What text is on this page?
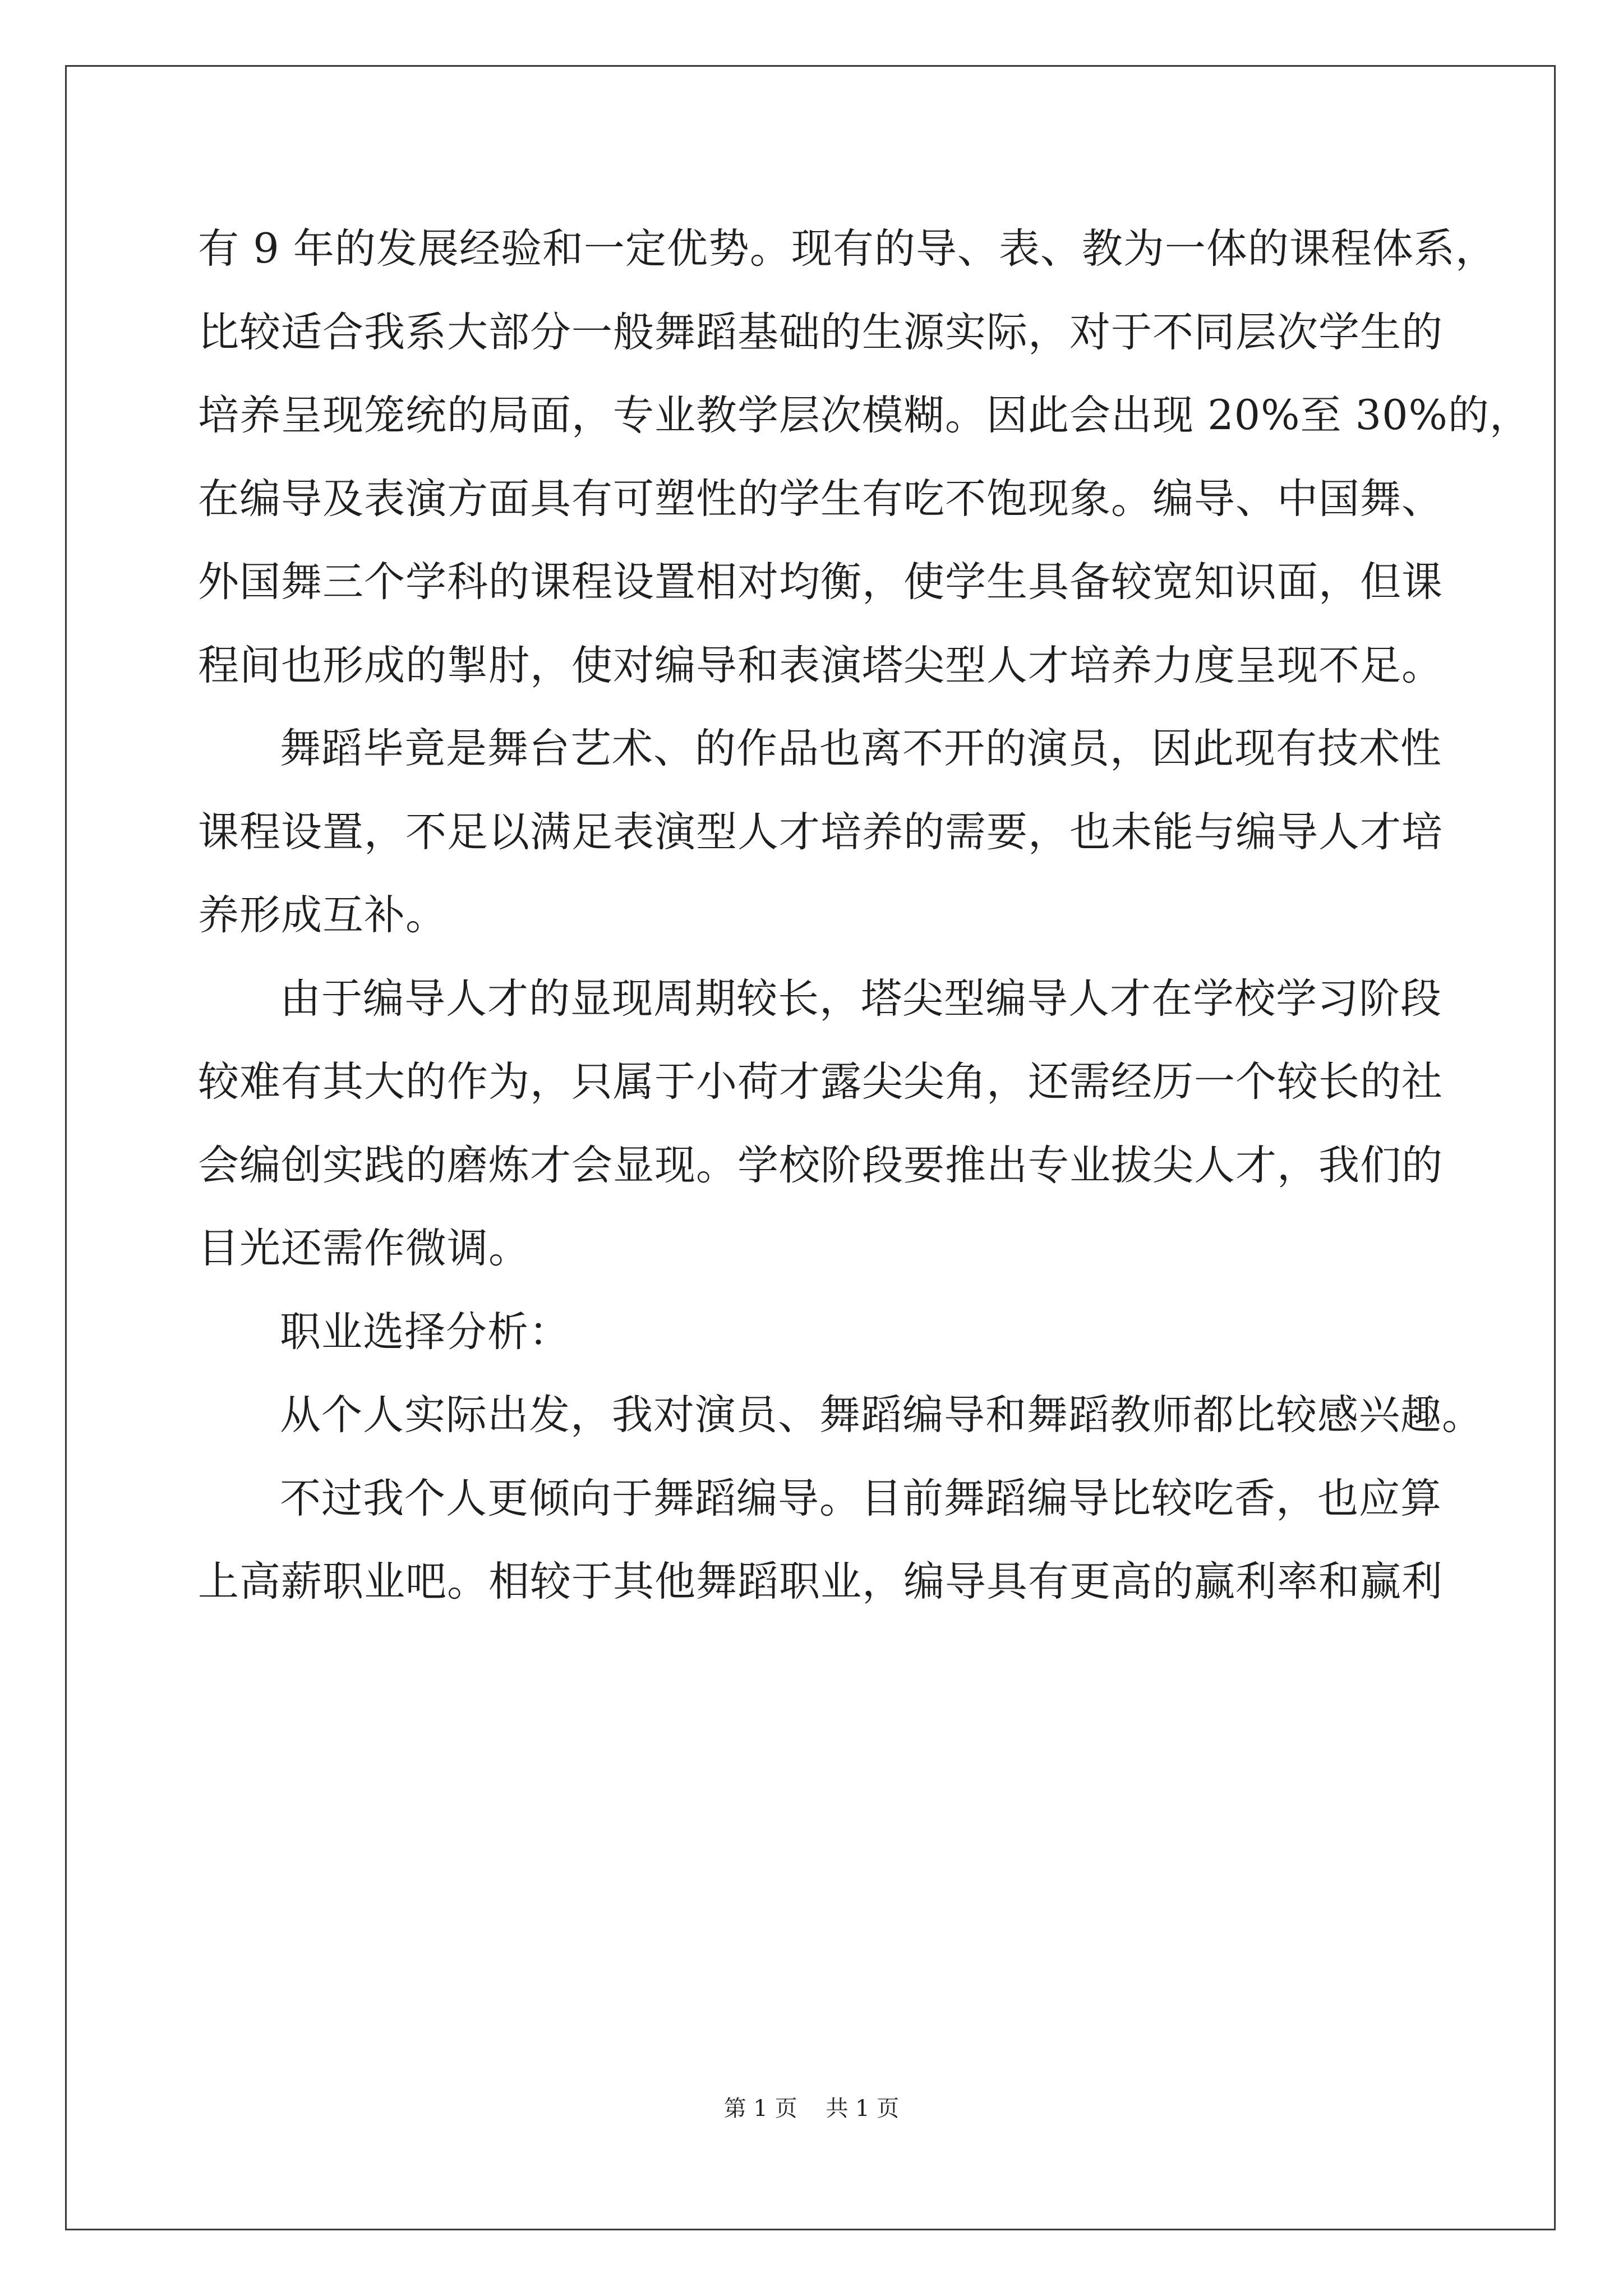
有 9 年的发展经验和一定优势。现有的导、表、教为一体的课程体系，
比较适合我系大部分一般舞蹈基础的生源实际，对于不同层次学生的
培养呈现笼统的局面，专业教学层次模糊。因此会出现 20%至 30%的，
在编导及表演方面具有可塑性的学生有吃不饱现象。编导、中国舞、
外国舞三个学科的课程设置相对均衡，使学生具备较宽知识面，但课
程间也形成的掣肘，使对编导和表演塔尖型人才培养力度呈现不足。
舞蹈毕竟是舞台艺术、的作品也离不开的演员，因此现有技术性
课程设置，不足以满足表演型人才培养的需要，也未能与编导人才培
养形成互补。
由于编导人才的显现周期较长，塔尖型编导人才在学校学习阶段
较难有其大的作为，只属于小荷才露尖尖角，还需经历一个较长的社
会编创实践的磨炼才会显现。学校阶段要推出专业拔尖人才，我们的
目光还需作微调。
职业选择分析：
从个人实际出发，我对演员、舞蹈编导和舞蹈教师都比较感兴趣。
不过我个人更倾向于舞蹈编导。目前舞蹈编导比较吃香，也应算
上高薪职业吧。相较于其他舞蹈职业，编导具有更高的赢利率和赢利
第 1 页    共 1 页
